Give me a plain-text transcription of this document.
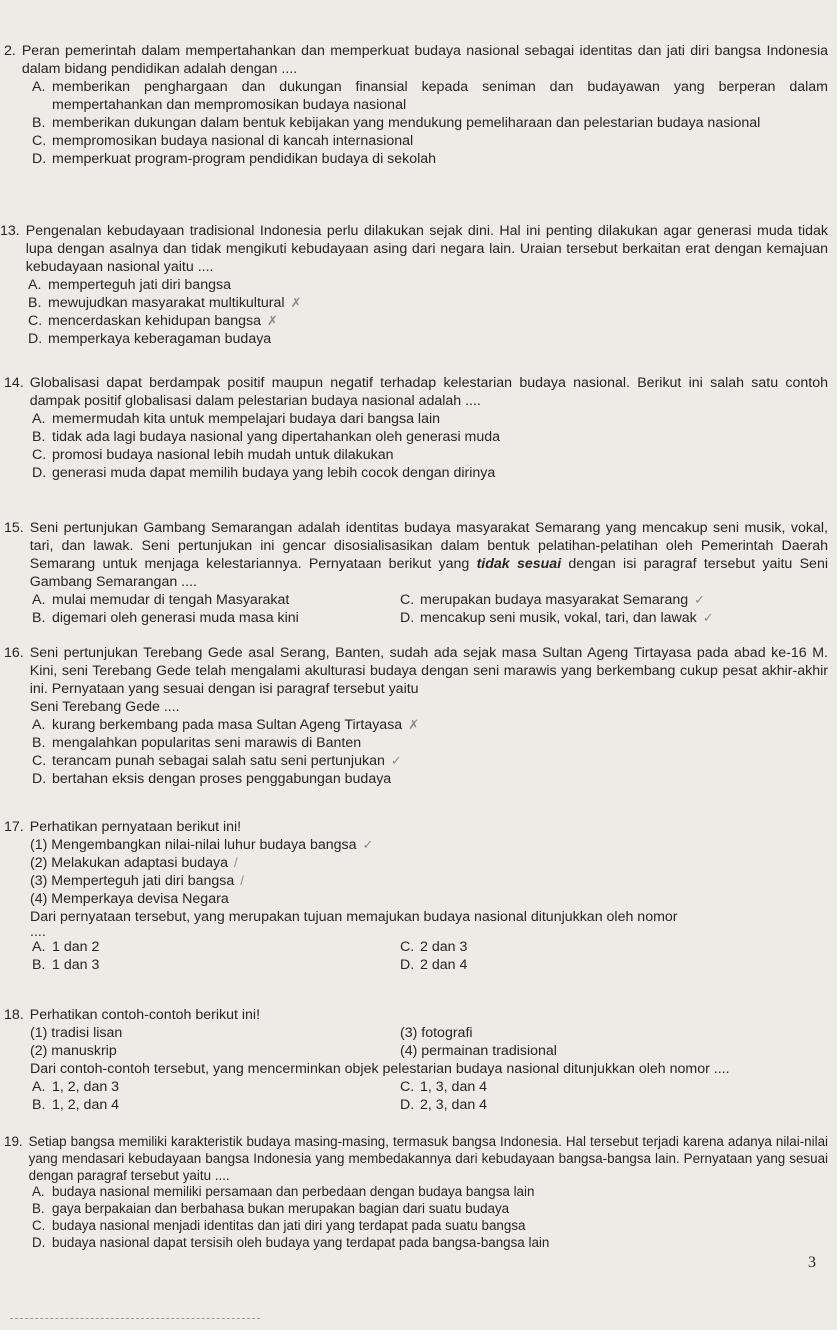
2. Peran pemerintah dalam mempertahankan dan memperkuat budaya nasional sebagai identitas dan jati diri bangsa Indonesia dalam bidang pendidikan adalah dengan ....
A. memberikan penghargaan dan dukungan finansial kepada seniman dan budayawan yang berperan dalam mempertahankan dan mempromosikan budaya nasional
B. memberikan dukungan dalam bentuk kebijakan yang mendukung pemeliharaan dan pelestarian budaya nasional
C. mempromosikan budaya nasional di kancah internasional
D. memperkuat program-program pendidikan budaya di sekolah
13. Pengenalan kebudayaan tradisional Indonesia perlu dilakukan sejak dini. Hal ini penting dilakukan agar generasi muda tidak lupa dengan asalnya dan tidak mengikuti kebudayaan asing dari negara lain. Uraian tersebut berkaitan erat dengan kemajuan kebudayaan nasional yaitu ....
A. memperteguh jati diri bangsa
B. mewujudkan masyarakat multikultural ✗
C. mencerdaskan kehidupan bangsa ✗
D. memperkaya keberagaman budaya
14. Globalisasi dapat berdampak positif maupun negatif terhadap kelestarian budaya nasional. Berikut ini salah satu contoh dampak positif globalisasi dalam pelestarian budaya nasional adalah ....
A. memermudah kita untuk mempelajari budaya dari bangsa lain
B. tidak ada lagi budaya nasional yang dipertahankan oleh generasi muda
C. promosi budaya nasional lebih mudah untuk dilakukan
D. generasi muda dapat memilih budaya yang lebih cocok dengan dirinya
15. Seni pertunjukan Gambang Semarangan adalah identitas budaya masyarakat Semarang yang mencakup seni musik, vokal, tari, dan lawak. Seni pertunjukan ini gencar disosialisasikan dalam bentuk pelatihan-pelatihan oleh Pemerintah Daerah Semarang untuk menjaga kelestariannya. Pernyataan berikut yang tidak sesuai dengan isi paragraf tersebut yaitu Seni Gambang Semarangan ....
A. mulai memudar di tengah Masyarakat	C. merupakan budaya masyarakat Semarang ✓
B. digemari oleh generasi muda masa kini	D. mencakup seni musik, vokal, tari, dan lawak ✓
16. Seni pertunjukan Terebang Gede asal Serang, Banten, sudah ada sejak masa Sultan Ageng Tirtayasa pada abad ke-16 M. Kini, seni Terebang Gede telah mengalami akulturasi budaya dengan seni marawis yang berkembang cukup pesat akhir-akhir ini. Pernyataan yang sesuai dengan isi paragraf tersebut yaitu
Seni Terebang Gede ....
A. kurang berkembang pada masa Sultan Ageng Tirtayasa ✗
B. mengalahkan popularitas seni marawis di Banten
C. terancam punah sebagai salah satu seni pertunjukan ✓
D. bertahan eksis dengan proses penggabungan budaya
17. Perhatikan pernyataan berikut ini!
(1) Mengembangkan nilai-nilai luhur budaya bangsa ✓
(2) Melakukan adaptasi budaya /
(3) Memperteguh jati diri bangsa /
(4) Memperkaya devisa Negara
Dari pernyataan tersebut, yang merupakan tujuan memajukan budaya nasional ditunjukkan oleh nomor
....
A. 1 dan 2	C. 2 dan 3
B. 1 dan 3	D. 2 dan 4
18. Perhatikan contoh-contoh berikut ini!
(1) tradisi lisan	(3) fotografi
(2) manuskrip	(4) permainan tradisional
Dari contoh-contoh tersebut, yang mencerminkan objek pelestarian budaya nasional ditunjukkan oleh nomor ....
A. 1, 2, dan 3	C. 1, 3, dan 4
B. 1, 2, dan 4	D. 2, 3, dan 4
19. Setiap bangsa memiliki karakteristik budaya masing-masing, termasuk bangsa Indonesia. Hal tersebut terjadi karena adanya nilai-nilai yang mendasari kebudayaan bangsa Indonesia yang membedakannya dari kebudayaan bangsa-bangsa lain. Pernyataan yang sesuai dengan paragraf tersebut yaitu ....
A. budaya nasional memiliki persamaan dan perbedaan dengan budaya bangsa lain
B. gaya berpakaian dan berbahasa bukan merupakan bagian dari suatu budaya
C. budaya nasional menjadi identitas dan jati diri yang terdapat pada suatu bangsa
D. budaya nasional dapat tersisih oleh budaya yang terdapat pada bangsa-bangsa lain
3
